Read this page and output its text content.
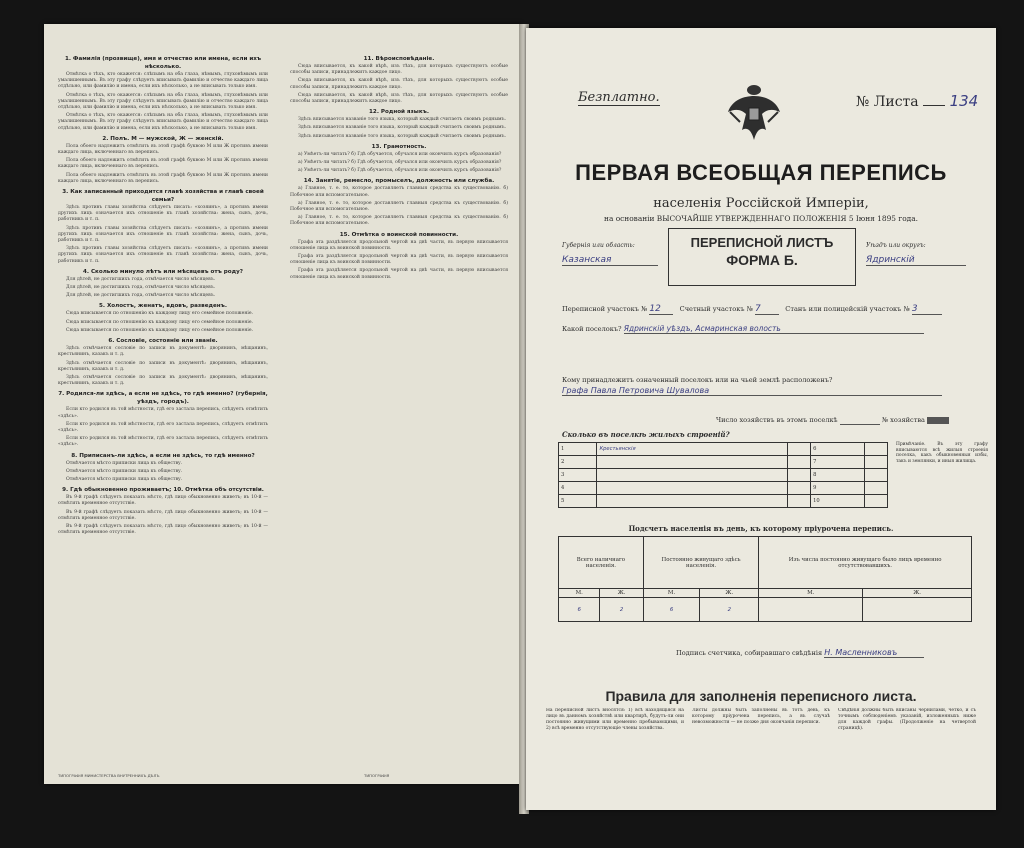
1. Фамилія (прозвище), имя и отчество или имена, если ихъ нѣсколько.

Отмѣтка о тѣхъ, кто окажется: слѣпымъ на оба глаза, нѣмымъ, глухонѣмымъ или умалишеннымъ. Въ эту графу слѣдуетъ вписывать фамилію и отчество каждаго лица отдѣльно, или фамилію и имена, если ихъ нѣсколько, а не вписывать только имя.

Отмѣтка о тѣхъ, кто окажется: слѣпымъ на оба глаза, нѣмымъ, глухонѣмымъ или умалишеннымъ. Въ эту графу слѣдуетъ вписывать фамилію и отчество каждаго лица отдѣльно, или фамилію и имена, если ихъ нѣсколько, а не вписывать только имя.

Отмѣтка о тѣхъ, кто окажется: слѣпымъ на оба глаза, нѣмымъ, глухонѣмымъ или умалишеннымъ. Въ эту графу слѣдуетъ вписывать фамилію и отчество каждаго лица отдѣльно, или фамилію и имена, если ихъ нѣсколько, а не вписывать только имя.

2. Полъ. М — мужской, Ж — женскій.

Пола обоего надлежитъ отмѣтить въ этой графѣ буквою М или Ж противъ имени каждаго лица, включеннаго въ перепись.

Пола обоего надлежитъ отмѣтить въ этой графѣ буквою М или Ж противъ имени каждаго лица, включеннаго въ перепись.

Пола обоего надлежитъ отмѣтить въ этой графѣ буквою М или Ж противъ имени каждаго лица, включеннаго въ перепись.

3. Как записанный приходится главѣ хозяйства и главѣ своей семьи?

Здѣсь противъ главы хозяйства слѣдуетъ писать: «хозяинъ», а противъ имени другихъ лицъ означается ихъ отношеніе къ главѣ хозяйства: жена, сынъ, дочь, работникъ и т. п.

Здѣсь противъ главы хозяйства слѣдуетъ писать: «хозяинъ», а противъ имени другихъ лицъ означается ихъ отношеніе къ главѣ хозяйства: жена, сынъ, дочь, работникъ и т. п.

Здѣсь противъ главы хозяйства слѣдуетъ писать: «хозяинъ», а противъ имени другихъ лицъ означается ихъ отношеніе къ главѣ хозяйства: жена, сынъ, дочь, работникъ и т. п.

4. Сколько минуло лѣтъ или мѣсяцевъ отъ роду?

Для дѣтей, не достигшихъ года, отмѣчается число мѣсяцевъ.

Для дѣтей, не достигшихъ года, отмѣчается число мѣсяцевъ.

Для дѣтей, не достигшихъ года, отмѣчается число мѣсяцевъ.

5. Холостъ, женатъ, вдовъ, разведенъ.

Сюда вписывается по отношенію къ каждому лицу его семейное положеніе.

Сюда вписывается по отношенію къ каждому лицу его семейное положеніе.

Сюда вписывается по отношенію къ каждому лицу его семейное положеніе.

6. Сословіе, состояніе или званіе.

Здѣсь отмѣчается сословіе по записи въ документѣ: дворянинъ, мѣщанинъ, крестьянинъ, казакъ и т. д.

Здѣсь отмѣчается сословіе по записи въ документѣ: дворянинъ, мѣщанинъ, крестьянинъ, казакъ и т. д.

Здѣсь отмѣчается сословіе по записи въ документѣ: дворянинъ, мѣщанинъ, крестьянинъ, казакъ и т. д.

7. Родился-ли здѣсь, а если не здѣсь, то гдѣ именно? (губернія, уѣздъ, городъ).

Если кто родился въ той мѣстности, гдѣ его застала перепись, слѣдуетъ отмѣтить «здѣсь».

Если кто родился въ той мѣстности, гдѣ его застала перепись, слѣдуетъ отмѣтить «здѣсь».

Если кто родился въ той мѣстности, гдѣ его застала перепись, слѣдуетъ отмѣтить «здѣсь».

8. Приписанъ-ли здѣсь, а если не здѣсь, то гдѣ именно?

Отмѣчается мѣсто приписки лица къ обществу.

Отмѣчается мѣсто приписки лица къ обществу.

Отмѣчается мѣсто приписки лица къ обществу.

9. Гдѣ обыкновенно проживаетъ; 10. Отмѣтка объ отсутствіи.

Въ 9-й графѣ слѣдуетъ показать мѣсто, гдѣ лицо обыкновенно живетъ; въ 10-й — отмѣтить временное отсутствіе.

Въ 9-й графѣ слѣдуетъ показать мѣсто, гдѣ лицо обыкновенно живетъ; въ 10-й — отмѣтить временное отсутствіе.

Въ 9-й графѣ слѣдуетъ показать мѣсто, гдѣ лицо обыкновенно живетъ; въ 10-й — отмѣтить временное отсутствіе.

11. Вѣроисповѣданіе.

Сюда вписывается, къ какой вѣрѣ, изъ тѣхъ, для которыхъ существуютъ особые способы записи, принадлежитъ каждое лицо.

Сюда вписывается, къ какой вѣрѣ, изъ тѣхъ, для которыхъ существуютъ особые способы записи, принадлежитъ каждое лицо.

Сюда вписывается, къ какой вѣрѣ, изъ тѣхъ, для которыхъ существуютъ особые способы записи, принадлежитъ каждое лицо.

12. Родной языкъ.

Здѣсь вписывается названіе того языка, который каждый считаетъ своимъ роднымъ.

Здѣсь вписывается названіе того языка, который каждый считаетъ своимъ роднымъ.

Здѣсь вписывается названіе того языка, который каждый считаетъ своимъ роднымъ.

13. Грамотность.

а) Умѣетъ-ли читать? б) Гдѣ обучается, обучался или окончилъ курсъ образованія?

а) Умѣетъ-ли читать? б) Гдѣ обучается, обучался или окончилъ курсъ образованія?

а) Умѣетъ-ли читать? б) Гдѣ обучается, обучался или окончилъ курсъ образованія?

14. Занятіе, ремесло, промыселъ, должность или служба.

а) Главное, т. е. то, которое доставляетъ главныя средства къ существованію. б) Побочное или вспомогательное.

а) Главное, т. е. то, которое доставляетъ главныя средства къ существованію. б) Побочное или вспомогательное.

а) Главное, т. е. то, которое доставляетъ главныя средства къ существованію. б) Побочное или вспомогательное.

15. Отмѣтка о воинской повинности.

Графа эта раздѣляется продольной чертой на двѣ части, въ первую вписывается отношеніе лица къ воинской повинности.

Графа эта раздѣляется продольной чертой на двѣ части, въ первую вписывается отношеніе лица къ воинской повинности.

Графа эта раздѣляется продольной чертой на двѣ части, въ первую вписывается отношеніе лица къ воинской повинности.

ТИПОГРАФІЯ МИНИСТЕРСТВА ВНУТРЕННИХЪ ДѢЛЪ	ТИПОГРАФІЯ
Безплатно.	№ Листа 134
ПЕРВАЯ ВСЕОБЩАЯ ПЕРЕПИСЬ
населенія Россійской Имперіи,
на основаніи ВЫСОЧАЙШЕ УТВЕРЖДЕННАГО ПОЛОЖЕНІЯ 5 Іюня 1895 года.
Губернія или область:
Казанская
ПЕРЕПИСНОЙ ЛИСТЪ
ФОРМА Б.
Уѣздъ или округъ:
Ядринскій
Переписной участокъ № 12	Счетный участокъ № 7	Станъ или полицейскій участокъ № 3
Какой поселокъ? Ядринскій уѣздъ, Асмаринская волость
Кому принадлежитъ означенный поселокъ или на чьей землѣ расположенъ? Графа Павла Петровича Шувалова
Число хозяйствъ въ этомъ поселкѣ	№ хозяйства
Сколько въ поселкѣ жилыхъ строеній?
1	Крестьянскія		6	
2			7	
3			8	
4			9	
5			10	
Примѣчаніе. Въ эту графу вписываются всѣ жилыя строенія поселка, какъ обыкновенныя избы, такъ и землянки, и иныя жилища.
Подсчетъ населенія въ день, къ которому пріурочена перепись.
Всего наличнаго населенія.		Постоянно живущаго здѣсь населенія.		Изъ числа постоянно живущаго было лицъ временно отсутствовавшихъ.	
М.	Ж.	М.	Ж.	М.	Ж.
6	2	6	2		
Подпись счетчика, собиравшаго свѣдѣнія Н. Масленниковъ
Правила для заполненія переписного листа.
На переписной листъ вносятся: 1) всѣ находящіяся на лицо въ данномъ хозяйствѣ или квартирѣ, будутъ-ли они постоянно живущими или временно пребывающими, и 2) всѣ временно отсутствующіе члены хозяйства.
Листы должны быть заполнены въ тотъ день, къ которому пріурочена перепись, а въ случаѣ невозможности — не позже дня окончанія переписи.
Свѣдѣнія должны быть вписаны чернилами, четко, и съ точнымъ соблюденіемъ указаній, изложенныхъ ниже для каждой графы. (Продолженіе на четвертой страницѣ).
